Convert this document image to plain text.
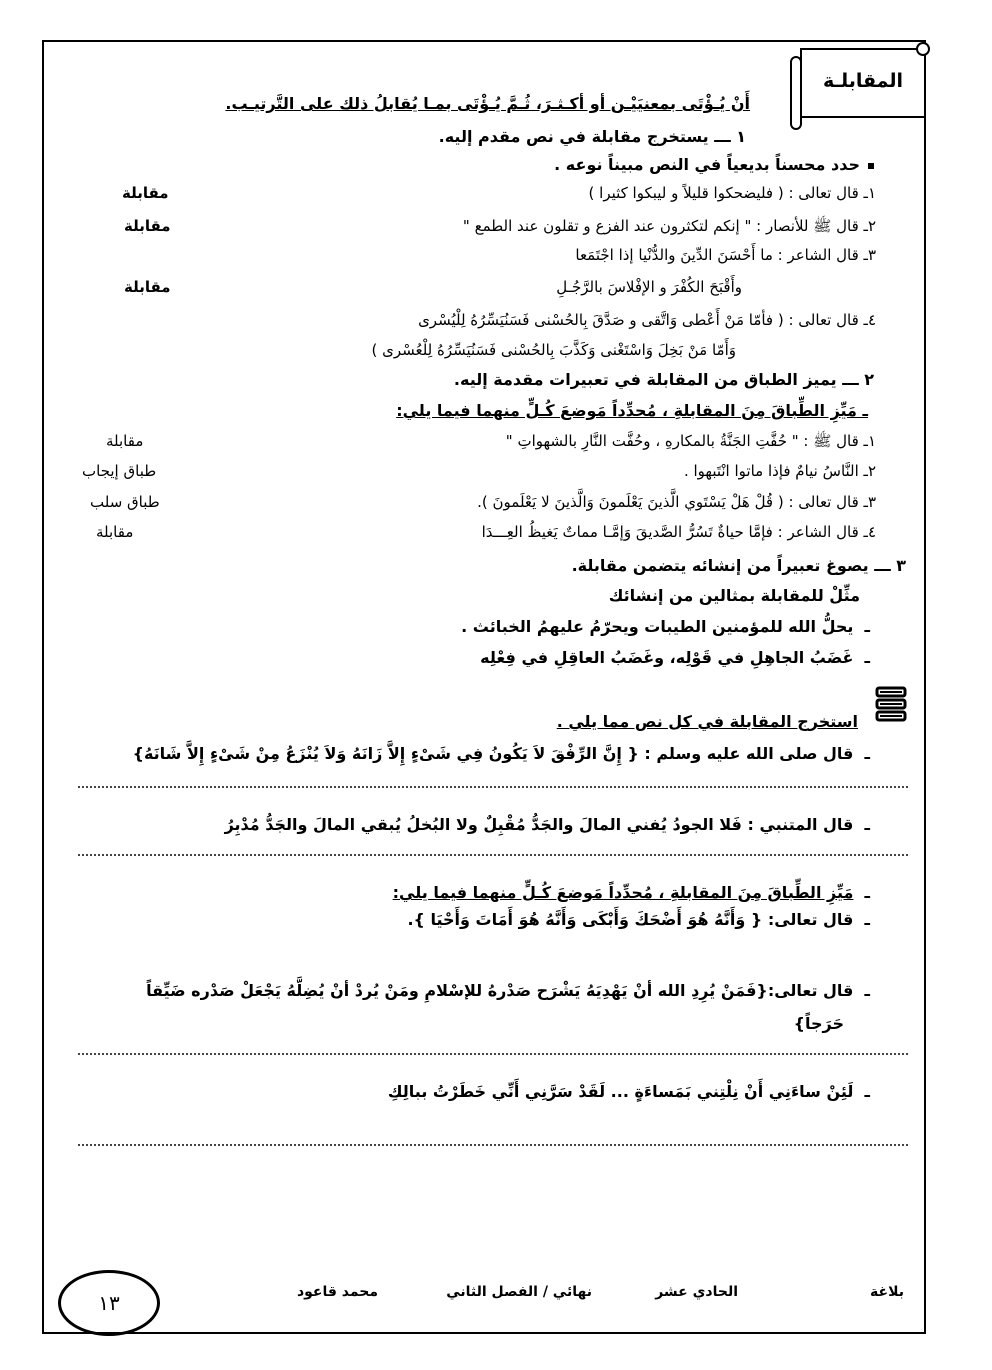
المقابلـة
أَنْ يُـؤْتَى بمعنيَيْـن أو أكـثـرَ، ثُـمَّ يُـؤْتَى بمـا يُقابلُ ذلك على التَّرتيـب.
١ ـــ يستخرج مقابلة في نص مقدم إليه.
حدد محسناً بديعياً في النص مبيناً نوعه .
١ـ قال تعالى : ( فليضحكوا قليلاً و ليبكوا كثيرا )
مقابلة
٢ـ قال ﷺ للأنصار : " إنكم لتكثرون عند الفزع و تقلون عند الطمع "
مقابلة
٣ـ قال الشاعر : ما أَحْسَنَ الدِّينَ والدُّنْيا إذا اجْتَمَعا
وأَقْبَحَ الكُفْرَ و الإفْلاسَ بالرَّجُـلِ
مقابلة
٤ـ قال تعالى : ( فأمّا مَنْ أَعْطى وَاتَّقى و صَدَّقَ بِالحُسْنى فَسَنُيَسِّرُهُ لِلْيُسْرى
وَأَمّا مَنْ بَخِلَ وَاسْتَغْنى وَكَذَّبَ بِالحُسْنى فَسَنُيَسِّرُهُ لِلْعُسْرى )
٢ ـــ يميز الطباق من المقابلة في تعبيرات مقدمة إليه.
ـ مَيِّزِ الطِّباقَ مِنَ المقابلةِ ، مُحدِّداً مَوضعَ كُـلٍّ منهما فيما يلي:
١ـ قال ﷺ : " حُفَّتِ الجَنَّةُ بالمكارهِ ، وحُفَّت النَّارِ بالشهواتِ "
مقابلة
٢ـ النَّاسُ نيامٌ فإذا ماتوا انْتَبهوا .
طباق إيجاب
٣ـ قال تعالى : ( قُلْ هَلْ يَسْتَوي الَّذينَ يَعْلَمونَ وَالَّذينَ لا يَعْلَمونَ ).
طباق سلب
٤ـ قال الشاعر : فإمَّا حياةٌ تَسُرُّ الصَّديقَ وَإمَّـا مماتٌ يَغيظُ العِـــدَا
مقابلة
٣ ـــ يصوغ تعبيراً من إنشائه يتضمن مقابلة.
مثِّلْ للمقابلة بمثالين من إنشائك
ـ  يحلُّ الله للمؤمنين الطيبات ويحرّمُ عليهمُ الخبائث .
ـ  غَضَبُ الجاهِلِ في قَوْلِه، وغَضَبُ العاقِلِ في فِعْلِه
استخرج المقابلة في كل نص مما يلي .
ـ  قال صلى الله عليه وسلم : { إِنَّ الرِّفْقَ لاَ يَكُونُ فِي شَىْءٍ إِلاَّ زَانَهُ وَلاَ يُنْزَعُ مِنْ شَىْءٍ إِلاَّ شَانَهُ}
ـ  قال المتنبي : فَلا الجودُ يُفني المالَ والجَدُّ مُقْبِلٌ ولا البُخلُ يُبقي المالَ والجَدُّ مُدْبِرُ
ـ  مَيِّزِ الطِّباقَ مِنَ المقابلةِ ، مُحدِّداً مَوضعَ كُـلٍّ منهما فيما يلي:
ـ  قال تعالى: { وَأَنَّهُ هُوَ أَضْحَكَ وَأَبْكَى وَأَنَّهُ هُوَ أَمَاتَ وَأَحْيَا }.
ـ  قال تعالى:{فَمَنْ يُرِدِ الله أنْ يَهْدِيَهُ يَشْرَح صَدْرهُ للإسْلامِ ومَنْ يُردْ أنْ يُضِلَّهُ يَجْعَلْ صَدْره ضَيِّقاً
حَرَجاً}
ـ  لَئِنْ ساءَنِي أَنْ نِلْتِني بَمَساءَةٍ ... لَقَدْ سَرَّنِي أَنِّي خَطَرْتُ ببالِكِ
١٣	بلاغة
الحادي عشر
نهائي / الفصل الثاني
محمد قاعود
